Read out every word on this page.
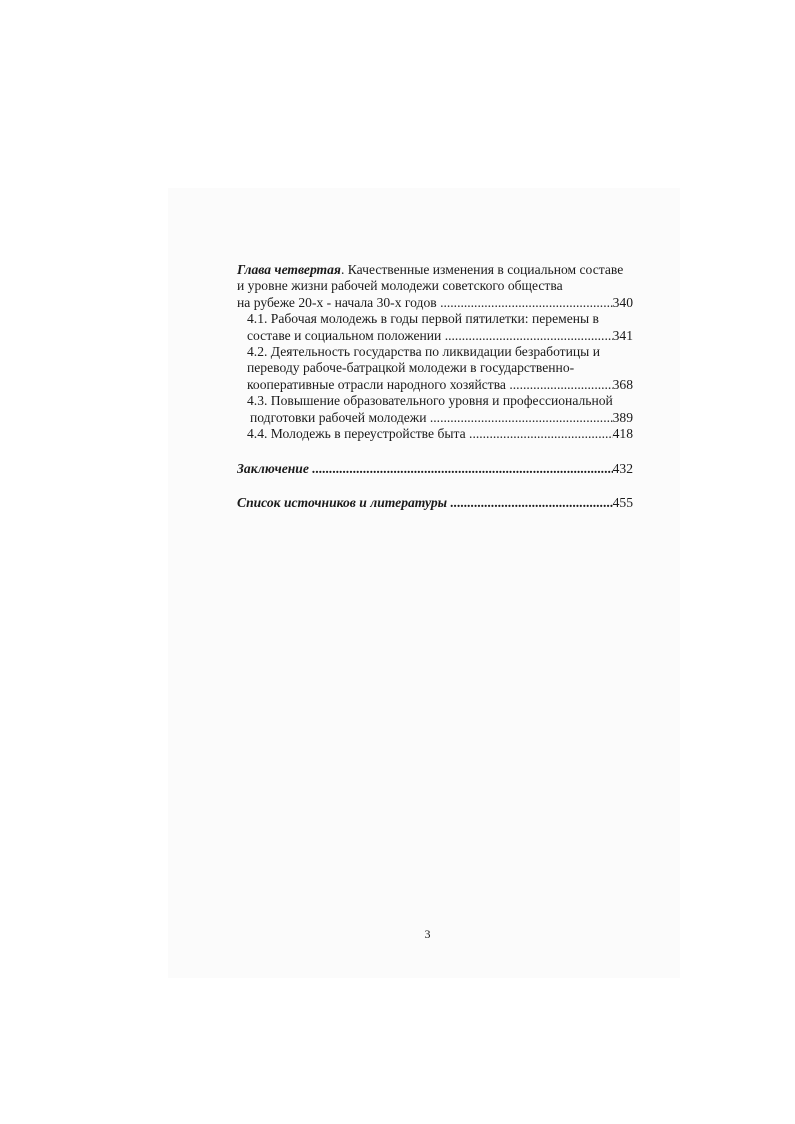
Глава четвертая. Качественные изменения в социальном составе
и уровне жизни рабочей молодежи советского общества
на рубеже 20-х - начала 30-х годов .....	340
4.1. Рабочая молодежь в годы первой пятилетки: перемены в
составе и социальном положении .....	341
4.2. Деятельность государства по ликвидации безработицы и
переводу рабоче-батрацкой молодежи в государственно-
кооперативные отрасли народного хозяйства .....	368
4.3. Повышение образовательного уровня и профессиональной
подготовки рабочей молодежи .....	389
4.4. Молодежь в переустройстве быта .....	418
Заключение .....	432
Список источников и литературы .....	455
3
